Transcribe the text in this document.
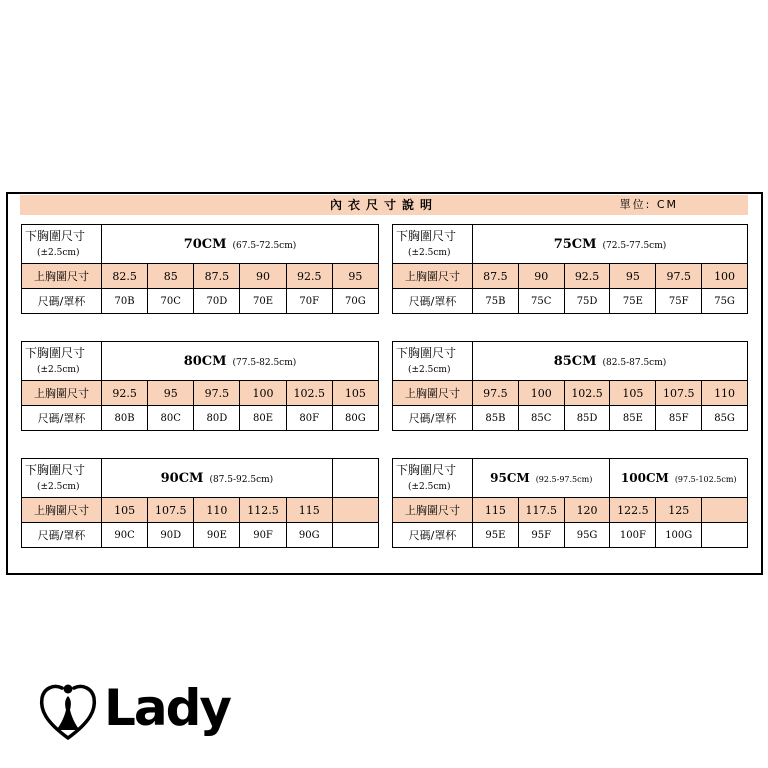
內衣尺寸說明	單位: CM
下胸圍尺寸
(±2.5cm)	70CM (67.5-72.5cm)					
上胸圍尺寸	82.5	85	87.5	90	92.5	95
尺碼/罩杯	70B	70C	70D	70E	70F	70G
下胸圍尺寸
(±2.5cm)	75CM (72.5-77.5cm)					
上胸圍尺寸	87.5	90	92.5	95	97.5	100
尺碼/罩杯	75B	75C	75D	75E	75F	75G
下胸圍尺寸
(±2.5cm)	80CM (77.5-82.5cm)					
上胸圍尺寸	92.5	95	97.5	100	102.5	105
尺碼/罩杯	80B	80C	80D	80E	80F	80G
下胸圍尺寸
(±2.5cm)	85CM (82.5-87.5cm)					
上胸圍尺寸	97.5	100	102.5	105	107.5	110
尺碼/罩杯	85B	85C	85D	85E	85F	85G
下胸圍尺寸
(±2.5cm)	90CM (87.5-92.5cm)					
上胸圍尺寸	105	107.5	110	112.5	115	
尺碼/罩杯	90C	90D	90E	90F	90G	
下胸圍尺寸
(±2.5cm)	95CM (92.5-97.5cm)			100CM (97.5-102.5cm)		
上胸圍尺寸	115	117.5	120	122.5	125	
尺碼/罩杯	95E	95F	95G	100F	100G	
Lady
